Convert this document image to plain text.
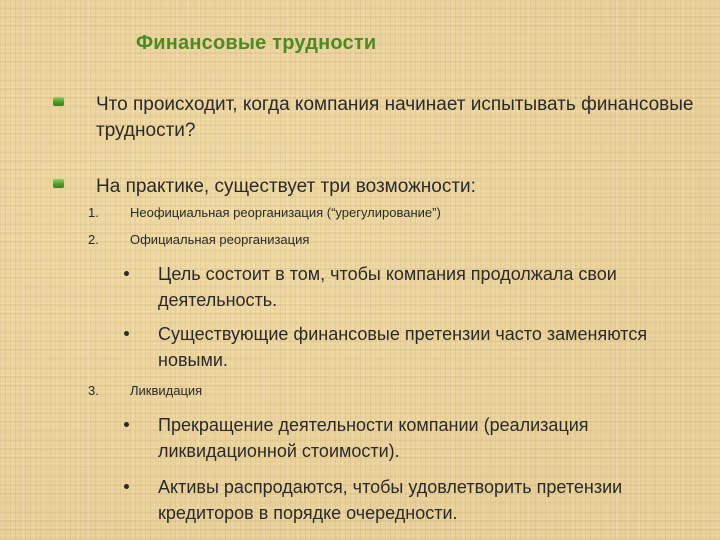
Финансовые трудности
Что происходит, когда компания начинает испытывать финансовые трудности?
На практике, существует три возможности:
1. Неофициальная реорганизация (“урегулирование”)
2. Официальная реорганизация
Цель состоит в том, чтобы компания продолжала свои деятельность.
Существующие финансовые претензии часто заменяются новыми.
3. Ликвидация
Прекращение деятельности компании (реализация ликвидационной стоимости).
Активы распродаются, чтобы удовлетворить претензии кредиторов в порядке очередности.
